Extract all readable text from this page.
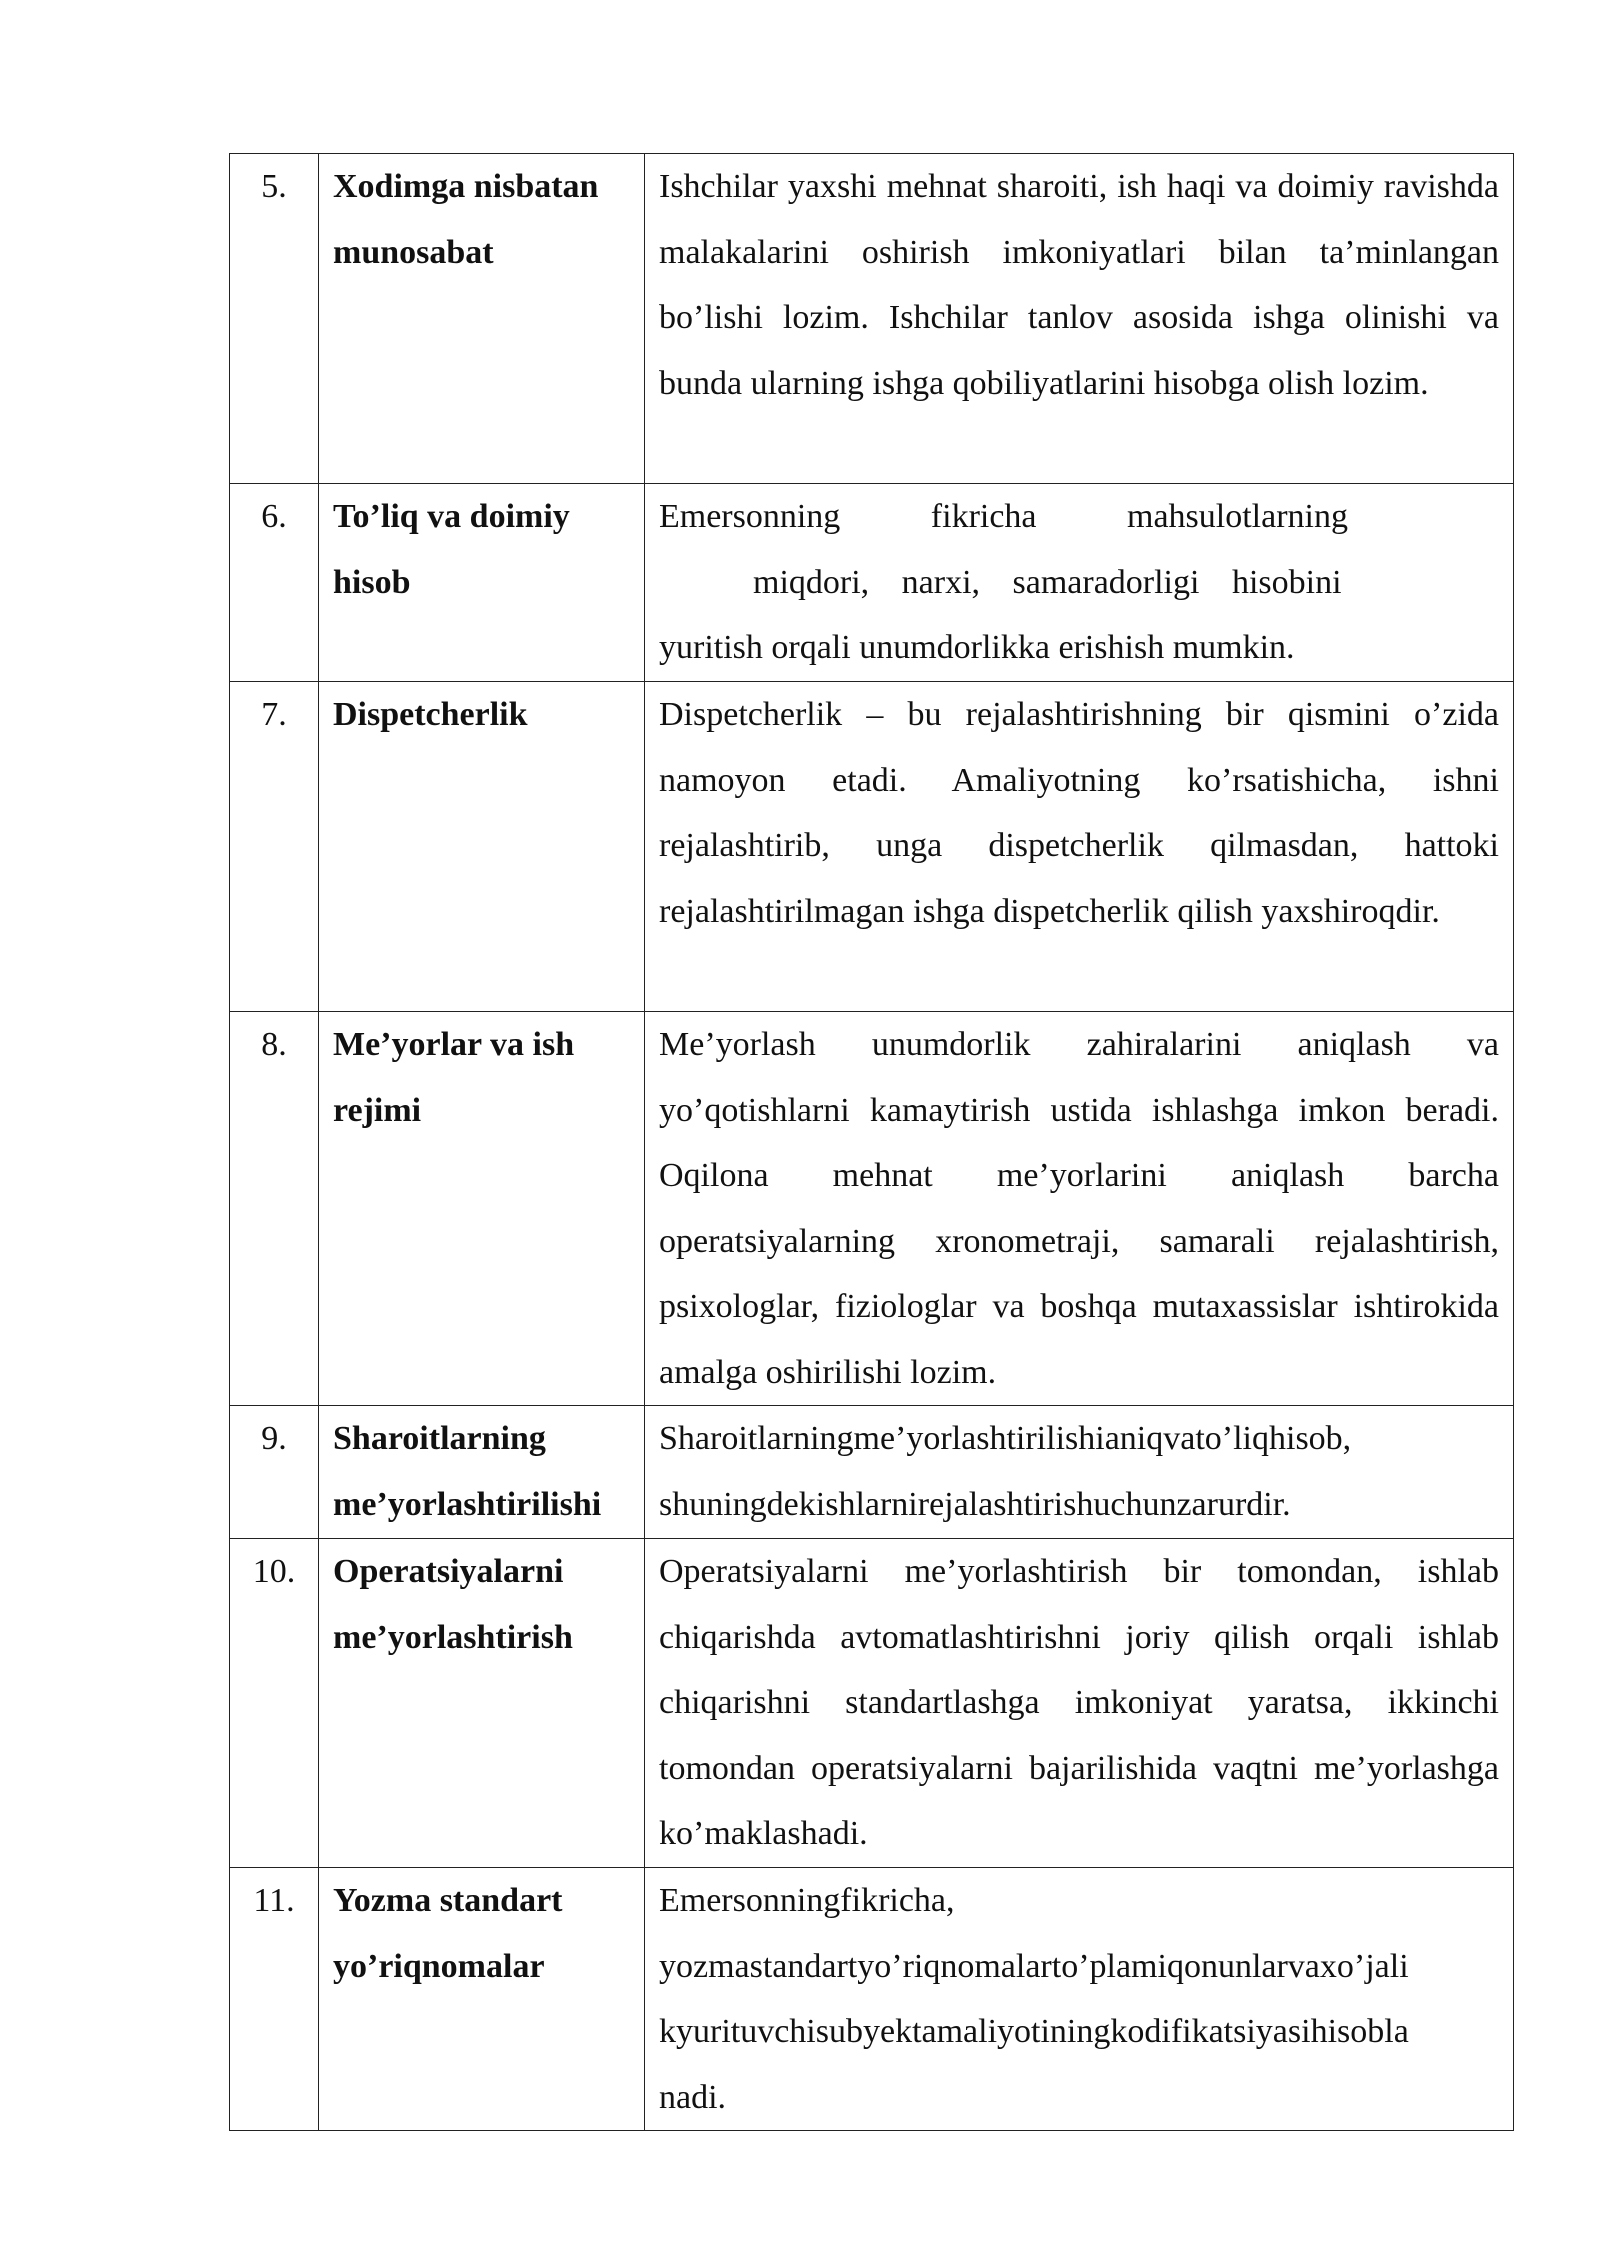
5.	Xodimga nisbatan munosabat	Ishchilar yaxshi mehnat sharoiti, ish haqi va doimiy ravishda malakalarini oshirish imkoniyatlari bilan ta’minlangan bo’lishi lozim. Ishchilar tanlov asosida ishga olinishi va bunda ularning ishga qobiliyatlarini hisobga olish lozim.

6.	To’liq va doimiy hisob	Emersonning fikricha mahsulotlarning
miqdori, narxi, samaradorligi hisobini
yuritish orqali unumdorlikka erishish mumkin.

7.	Dispetcherlik	Dispetcherlik – bu rejalashtirishning bir qismini o’zida namoyon etadi. Amaliyotning ko’rsatishicha, ishni rejalashtirib, unga dispetcherlik qilmasdan, hattoki rejalashtirilmagan ishga dispetcherlik qilish yaxshiroqdir.

8.	Me’yorlar va ish rejimi	Me’yorlash unumdorlik zahiralarini aniqlash va yo’qotishlarni kamaytirish ustida ishlashga imkon beradi. Oqilona mehnat me’yorlarini aniqlash barcha operatsiyalarning xronometraji, samarali rejalashtirish, psixologlar, fiziologlar va boshqa mutaxassislar ishtirokida amalga oshirilishi lozim.

9.	Sharoitlarning me’yorlashtirilishi	Sharoitlarningme’yorlashtirilishianiqvato’liqhisob,
shuningdekishlarnirejalashtirishuchunzarurdir.

10.	Operatsiyalarni me’yorlashtirish	Operatsiyalarni me’yorlashtirish bir tomondan, ishlab chiqarishda avtomatlashtirishni joriy qilish orqali ishlab chiqarishni standartlashga imkoniyat yaratsa, ikkinchi tomondan operatsiyalarni bajarilishida vaqtni me’yorlashga ko’maklashadi.

11.	Yozma standart yo’riqnomalar	Emersonningfikricha,
yozmastandartyo’riqnomalarto’plamiqonunlarvaxo’jali
kyurituvchisubyektamaliyotiningkodifikatsiyasihisobla
nadi.
